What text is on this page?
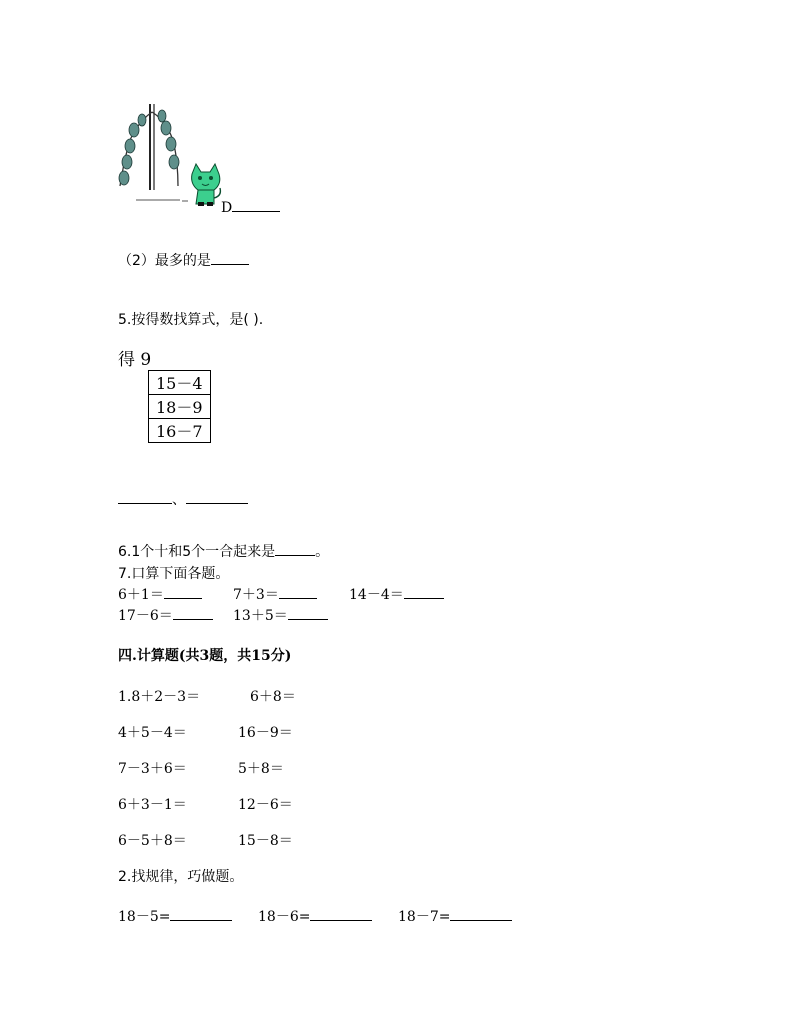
D
（2）最多的是
5.按得数找算式，是( ).
得 9
15－4
18－9
16－7
、
6.1个十和5个一合起来是	。
7.口算下面各题。
6＋1＝	7＋3＝	14－4＝
17－6＝	13＋5＝
四.计算题(共3题，共15分)
1.8＋2－3＝	6＋8＝
4＋5－4＝	16－9＝
7－3＋6＝	5＋8＝
6＋3－1＝	12－6＝
6－5＋8＝	15－8＝
2.找规律，巧做题。
18－5=	18－6=	18－7=
